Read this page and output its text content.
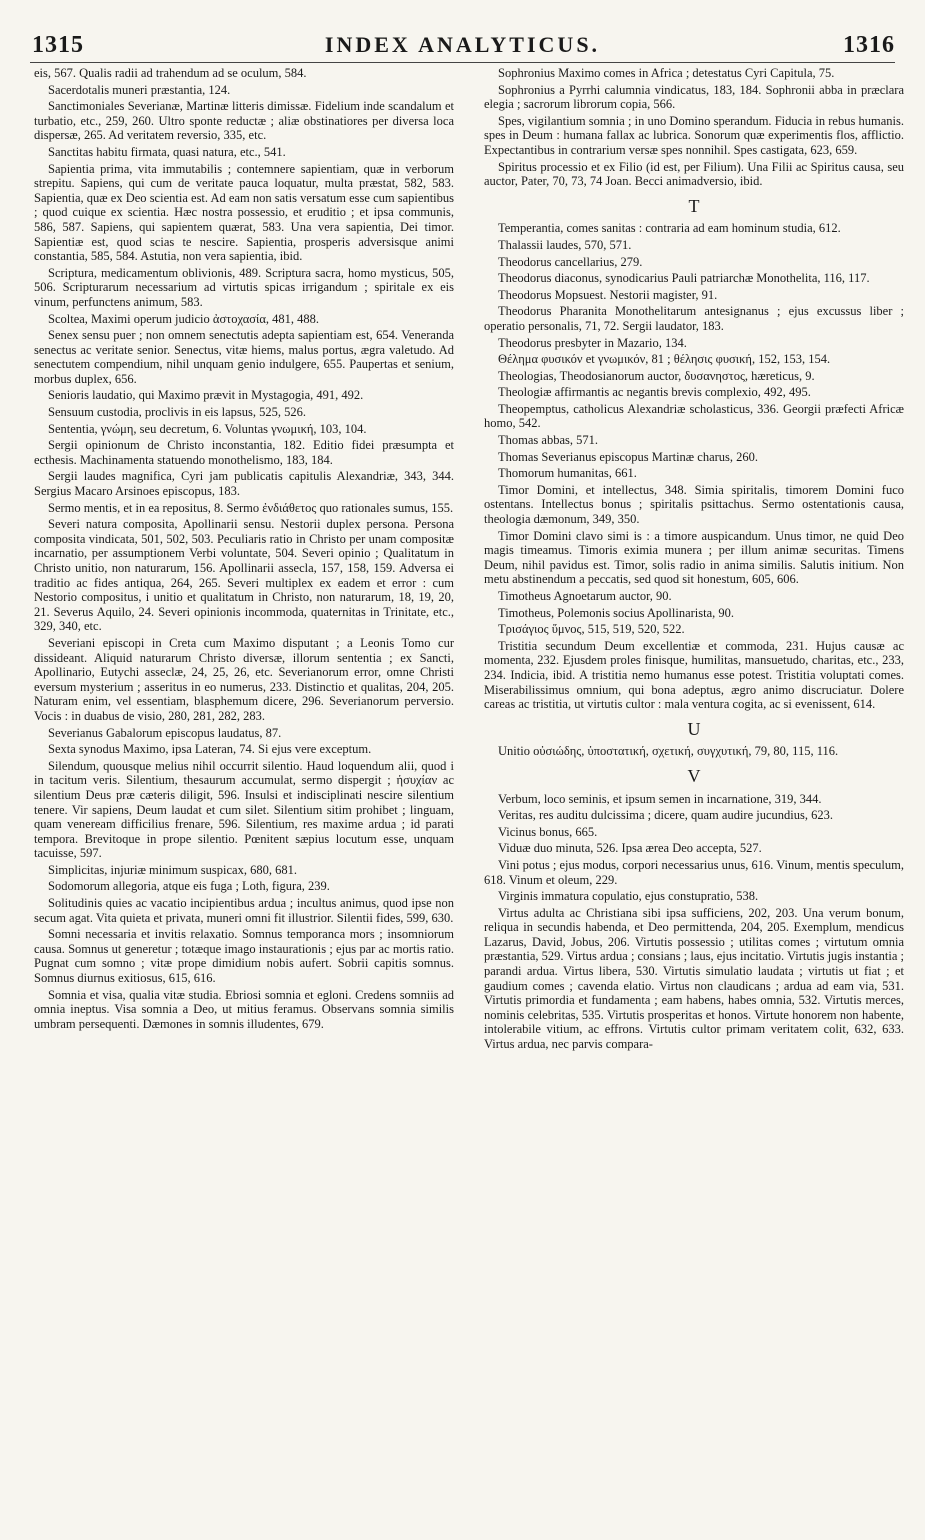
1315	INDEX ANALYTICUS.	1316

eis, 567. Qualis radii ad trahendum ad se oculum, 584.

Sacerdotalis muneri præstantia, 124.

Sanctimoniales Severianæ, Martinæ litteris dimissæ. Fidelium inde scandalum et turbatio, etc., 259, 260. Ultro sponte reductæ ; aliæ obstinatiores per diversa loca dispersæ, 265. Ad veritatem reversio, 335, etc.

Sanctitas habitu firmata, quasi natura, etc., 541.

Sapientia prima, vita immutabilis ; contemnere sapientiam, quæ in verborum strepitu. Sapiens, qui cum de veritate pauca loquatur, multa præstat, 582, 583. Sapientia, quæ ex Deo scientia est. Ad eam non satis versatum esse cum sapientibus ; quod cuique ex scientia. Hæc nostra possessio, et eruditio ; et ipsa communis, 586, 587. Sapiens, qui sapientem quærat, 583. Una vera sapientia, Dei timor. Sapientiæ est, quod scias te nescire. Sapientia, prosperis adversisque animi constantia, 585, 584. Astutia, non vera sapientia, ibid.

Scriptura, medicamentum oblivionis, 489. Scriptura sacra, homo mysticus, 505, 506. Scripturarum necessarium ad virtutis spicas irrigandum ; spiritale ex eis vinum, perfunctens animum, 583.

Scoltea, Maximi operum judicio ἀστοχασία, 481, 488.

Senex sensu puer ; non omnem senectutis adepta sapientiam est, 654. Veneranda senectus ac veritate senior. Senectus, vitæ hiems, malus portus, ægra valetudo. Ad senectutem compendium, nihil unquam genio indulgere, 655. Paupertas et senium, morbus duplex, 656.

Senioris laudatio, qui Maximo prævit in Mystagogia, 491, 492.

Sensuum custodia, proclivis in eis lapsus, 525, 526.

Sententia, γνώμη, seu decretum, 6. Voluntas γνωμική, 103, 104.

Sergii opinionum de Christo inconstantia, 182. Editio fidei præsumpta et ecthesis. Machinamenta statuendo monothelismo, 183, 184.

Sergii laudes magnifica, Cyri jam publicatis capitulis Alexandriæ, 343, 344. Sergius Macaro Arsinoes episcopus, 183.

Sermo mentis, et in ea repositus, 8. Sermo ἐνδιάθετος quo rationales sumus, 155.

Severi natura composita, Apollinarii sensu. Nestorii duplex persona. Persona composita vindicata, 501, 502, 503. Peculiaris ratio in Christo per unam compositæ incarnatio, per assumptionem Verbi voluntate, 504. Severi opinio ; Qualitatum in Christo unitio, non naturarum, 156. Apollinarii assecla, 157, 158, 159. Adversa ei traditio ac fides antiqua, 264, 265. Severi multiplex ex eadem et error : cum Nestorio compositus, i unitio et qualitatum in Christo, non naturarum, 18, 19, 20, 21. Severus Aquilo, 24. Severi opinionis incommoda, quaternitas in Trinitate, etc., 329, 340, etc.

Severiani episcopi in Creta cum Maximo disputant ; a Leonis Tomo cur dissideant. Aliquid naturarum Christo diversæ, illorum sententia ; ex Sancti, Apollinario, Eutychi asseclæ, 24, 25, 26, etc. Severianorum error, omne Christi eversum mysterium ; asseritus in eo numerus, 233. Distinctio et qualitas, 204, 205. Naturam enim, vel essentiam, blasphemum dicere, 296. Severianorum perversio. Vocis : in duabus de visio, 280, 281, 282, 283.

Severianus Gabalorum episcopus laudatus, 87.

Sexta synodus Maximo, ipsa Lateran, 74. Si ejus vere exceptum.

Silendum, quousque melius nihil occurrit silentio. Haud loquendum alii, quod i in tacitum veris. Silentium, thesaurum accumulat, sermo dispergit ; ἡσυχίαν ac silentium Deus præ cæteris diligit, 596. Insulsi et indisciplinati nescire silentium tenere. Vir sapiens, Deum laudat et cum silet. Silentium sitim prohibet ; linguam, quam veneream difficilius frenare, 596. Silentium, res maxime ardua ; id parati tempora. Brevitoque in prope silentio. Pœnitent sæpius locutum esse, unquam tacuisse, 597.

Simplicitas, injuriæ minimum suspicax, 680, 681.

Sodomorum allegoria, atque eis fuga ; Loth, figura, 239.

Solitudinis quies ac vacatio incipientibus ardua ; incultus animus, quod ipse non secum agat. Vita quieta et privata, muneri omni fit illustrior. Silentii fides, 599, 630.

Somni necessaria et invitis relaxatio. Somnus temporanca mors ; insomniorum causa. Somnus ut generetur ; totæque imago instaurationis ; ejus par ac mortis ratio. Pugnat cum somno ; vitæ prope dimidium nobis aufert. Sobrii capitis somnus. Somnus diurnus exitiosus, 615, 616.

Somnia et visa, qualia vitæ studia. Ebriosi somnia et egloni. Credens somniis ad omnia ineptus. Visa somnia a Deo, ut mitius feramus. Observans somnia similis umbram persequenti. Dæmones in somnis illudentes, 679.

Sophronius Maximo comes in Africa ; detestatus Cyri Capitula, 75.

Sophronius a Pyrrhi calumnia vindicatus, 183, 184. Sophronii abba in præclara elegia ; sacrorum librorum copia, 566.

Spes, vigilantium somnia ; in uno Domino sperandum. Fiducia in rebus humanis. spes in Deum : humana fallax ac lubrica. Sonorum quæ experimentis flos, afflictio. Expectantibus in contrarium versæ spes nonnihil. Spes castigata, 623, 659.

Spiritus processio et ex Filio (id est, per Filium). Una Filii ac Spiritus causa, seu auctor, Pater, 70, 73, 74 Joan. Becci animadversio, ibid.

T

Temperantia, comes sanitas : contraria ad eam hominum studia, 612.

Thalassii laudes, 570, 571.

Theodorus cancellarius, 279.

Theodorus diaconus, synodicarius Pauli patriarchæ Monothelita, 116, 117.

Theodorus Mopsuest. Nestorii magister, 91.

Theodorus Pharanita Monothelitarum antesignanus ; ejus excussus liber ; operatio personalis, 71, 72. Sergii laudator, 183.

Theodorus presbyter in Mazario, 134.

Θέλημα φυσικόν et γνωμικόν, 81 ; θέλησις φυσική, 152, 153, 154.

Theologias, Theodosianorum auctor, δυσανηστος, hæreticus, 9.

Theologiæ affirmantis ac negantis brevis complexio, 492, 495.

Theopemptus, catholicus Alexandriæ scholasticus, 336. Georgii præfecti Africæ homo, 542.

Thomas abbas, 571.

Thomas Severianus episcopus Martinæ charus, 260.

Thomorum humanitas, 661.

Timor Domini, et intellectus, 348. Simia spiritalis, timorem Domini fuco ostentans. Intellectus bonus ; spiritalis psittachus. Sermo ostentationis causa, theologia dæmonum, 349, 350.

Timor Domini clavo simi is : a timore auspicandum. Unus timor, ne quid Deo magis timeamus. Timoris eximia munera ; per illum animæ securitas. Timens Deum, nihil pavidus est. Timor, solis radio in anima similis. Salutis initium. Non metu abstinendum a peccatis, sed quod sit honestum, 605, 606.

Timotheus Agnoetarum auctor, 90.

Timotheus, Polemonis socius Apollinarista, 90.

Τρισάγιος ὕμνος, 515, 519, 520, 522.

Tristitia secundum Deum excellentiæ et commoda, 231. Hujus causæ ac momenta, 232. Ejusdem proles finisque, humilitas, mansuetudo, charitas, etc., 233, 234. Indicia, ibid. A tristitia nemo humanus esse potest. Tristitia voluptati comes. Miserabilissimus omnium, qui bona adeptus, ægro animo discruciatur. Dolere careas ac tristitia, ut virtutis cultor : mala ventura cogita, ac si evenissent, 614.

U

Unitio οὐσιώδης, ὑποστατική, σχετική, συγχυτική, 79, 80, 115, 116.

V

Verbum, loco seminis, et ipsum semen in incarnatione, 319, 344.

Veritas, res auditu dulcissima ; dicere, quam audire jucundius, 623.

Vicinus bonus, 665.

Viduæ duo minuta, 526. Ipsa ærea Deo accepta, 527.

Vini potus ; ejus modus, corpori necessarius unus, 616. Vinum, mentis speculum, 618. Vinum et oleum, 229.

Virginis immatura copulatio, ejus constupratio, 538.

Virtus adulta ac Christiana sibi ipsa sufficiens, 202, 203. Una verum bonum, reliqua in secundis habenda, et Deo permittenda, 204, 205. Exemplum, mendicus Lazarus, David, Jobus, 206. Virtutis possessio ; utilitas comes ; virtutum omnia præstantia, 529. Virtus ardua ; consians ; laus, ejus incitatio. Virtutis jugis instantia ; parandi ardua. Virtus libera, 530. Virtutis simulatio laudata ; virtutis ut fiat ; et gaudium comes ; cavenda elatio. Virtus non claudicans ; ardua ad eam via, 531. Virtutis primordia et fundamenta ; eam habens, habes omnia, 532. Virtutis merces, nominis celebritas, 535. Virtutis prosperitas et honos. Virtute honorem non habente, intolerabile vitium, ac effrons. Virtutis cultor primam veritatem colit, 632, 633. Virtus ardua, nec parvis compara-
